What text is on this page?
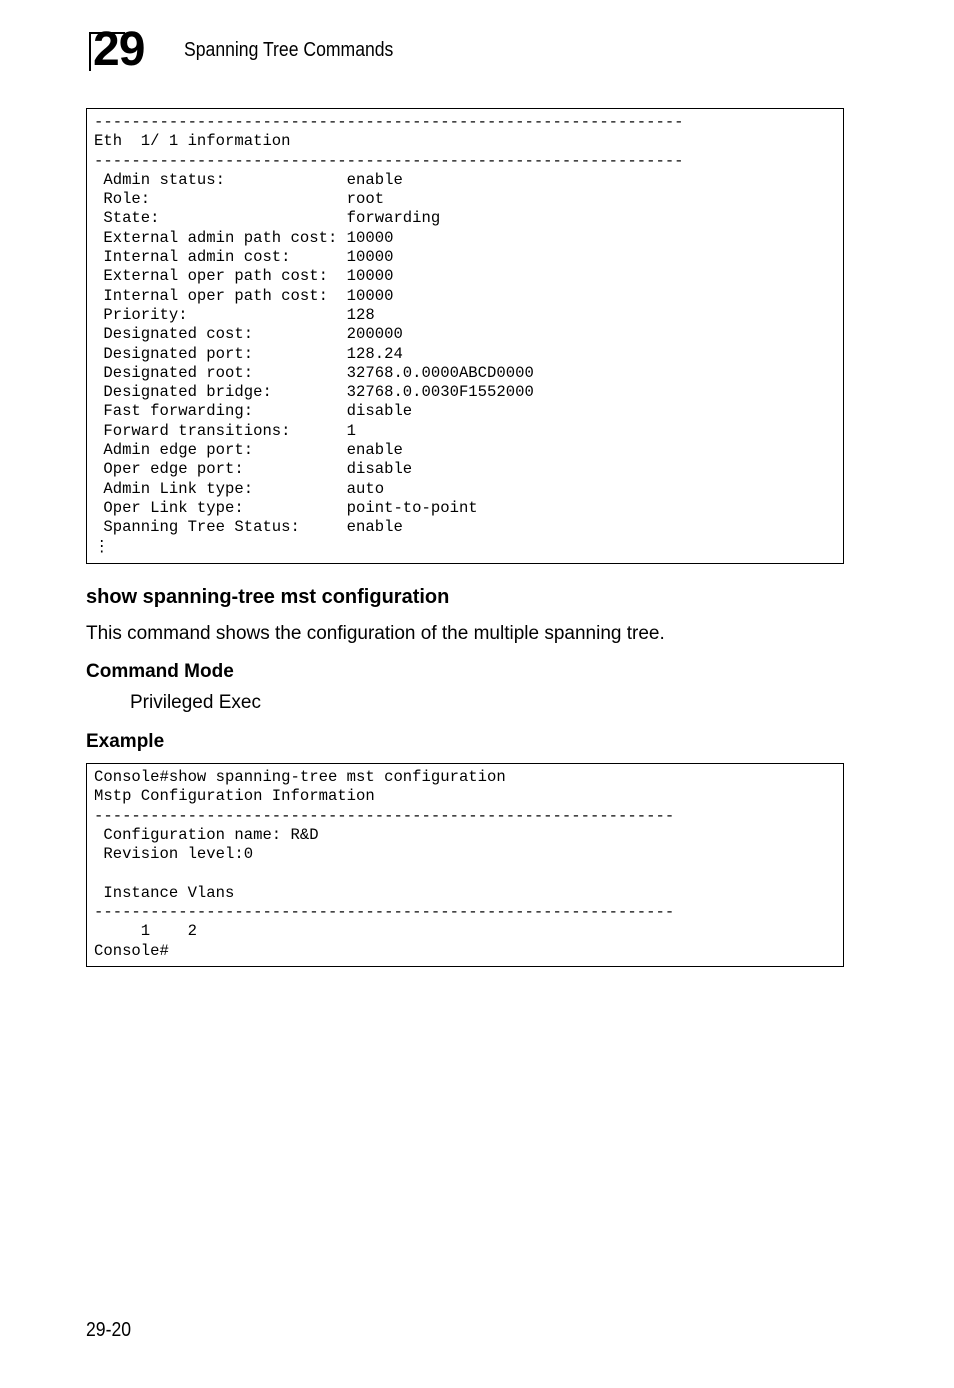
29 Spanning Tree Commands
---------------------------------------------------------------
Eth  1/ 1 information
---------------------------------------------------------------
Admin status:             enable
Role:                     root
State:                    forwarding
External admin path cost: 10000
Internal admin cost:      10000
External oper path cost:  10000
Internal oper path cost:  10000
Priority:                 128
Designated cost:          200000
Designated port:          128.24
Designated root:          32768.0.0000ABCD0000
Designated bridge:        32768.0.0030F1552000
Fast forwarding:          disable
Forward transitions:      1
Admin edge port:          enable
Oper edge port:           disable
Admin Link type:          auto
Oper Link type:           point-to-point
Spanning Tree Status:     enable
⋮
show spanning-tree mst configuration
This command shows the configuration of the multiple spanning tree.
Command Mode
Privileged Exec
Example
Console#show spanning-tree mst configuration
Mstp Configuration Information
--------------------------------------------------------------
Configuration name: R&D
Revision level:0

Instance Vlans
--------------------------------------------------------------
1    2
Console#
29-20
